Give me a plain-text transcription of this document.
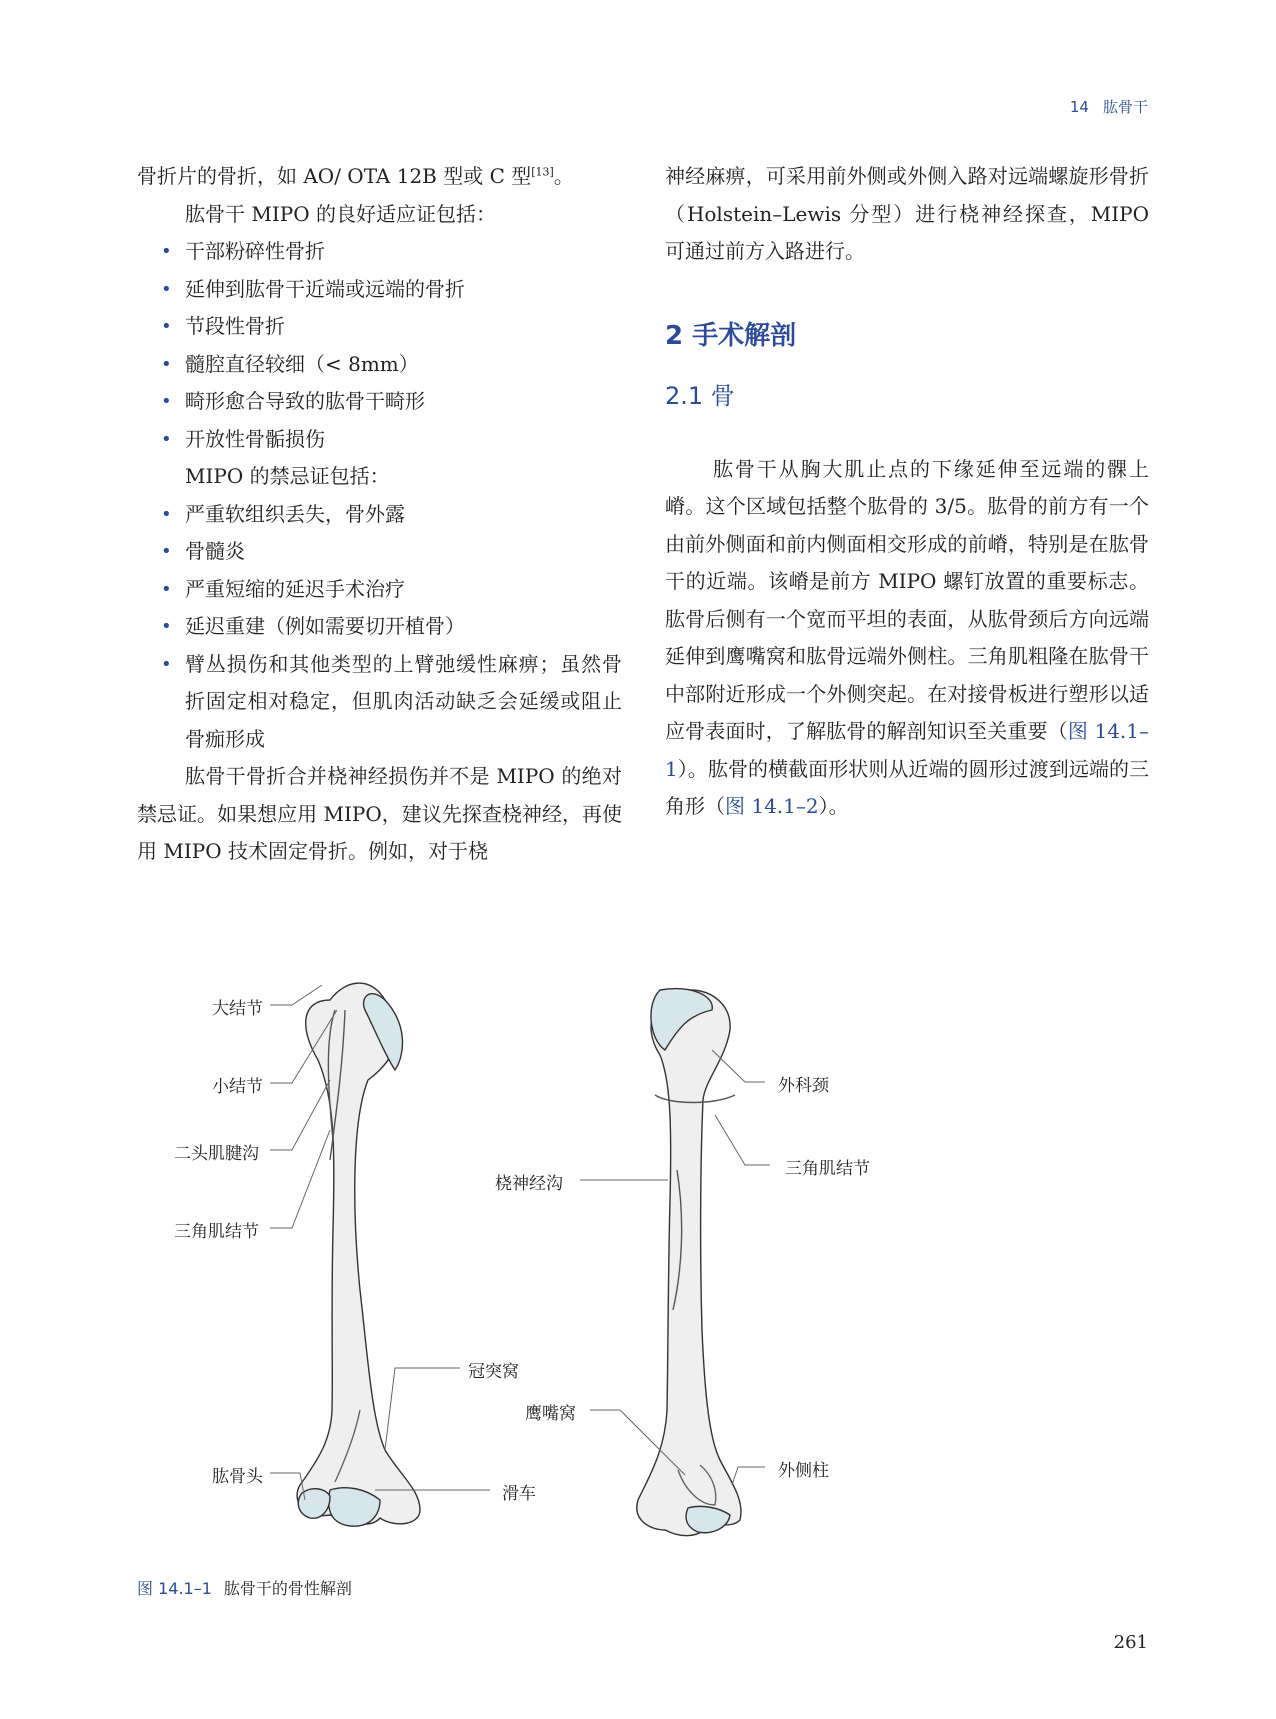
14 肱骨干

骨折片的骨折，如 AO/ OTA 12B 型或 C 型[13]。

肱骨干 MIPO 的良好适应证包括：

• 干部粉碎性骨折
• 延伸到肱骨干近端或远端的骨折
• 节段性骨折
• 髓腔直径较细（< 8mm）
• 畸形愈合导致的肱骨干畸形
• 开放性骨骺损伤

MIPO 的禁忌证包括：

• 严重软组织丢失，骨外露
• 骨髓炎
• 严重短缩的延迟手术治疗
• 延迟重建（例如需要切开植骨）
• 臂丛损伤和其他类型的上臂弛缓性麻痹；虽然骨折固定相对稳定，但肌肉活动缺乏会延缓或阻止骨痂形成

肱骨干骨折合并桡神经损伤并不是 MIPO 的绝对禁忌证。如果想应用 MIPO，建议先探查桡神经，再使用 MIPO 技术固定骨折。例如，对于桡

神经麻痹，可采用前外侧或外侧入路对远端螺旋形骨折（Holstein–Lewis 分型）进行桡神经探查，MIPO 可通过前方入路进行。

2 手术解剖
2.1 骨

肱骨干从胸大肌止点的下缘延伸至远端的髁上嵴。这个区域包括整个肱骨的 3/5。肱骨的前方有一个由前外侧面和前内侧面相交形成的前嵴，特别是在肱骨干的近端。该嵴是前方 MIPO 螺钉放置的重要标志。肱骨后侧有一个宽而平坦的表面，从肱骨颈后方向远端延伸到鹰嘴窝和肱骨远端外侧柱。三角肌粗隆在肱骨干中部附近形成一个外侧突起。在对接骨板进行塑形以适应骨表面时，了解肱骨的解剖知识至关重要（图 14.1–1）。肱骨的横截面形状则从近端的圆形过渡到远端的三角形（图 14.1–2）。

大结节
小结节
二头肌腱沟
三角肌结节
冠突窝
肱骨头
滑车
外科颈
三角肌结节
桡神经沟
鹰嘴窝
外侧柱
图 14.1–1 肱骨干的骨性解剖
261
